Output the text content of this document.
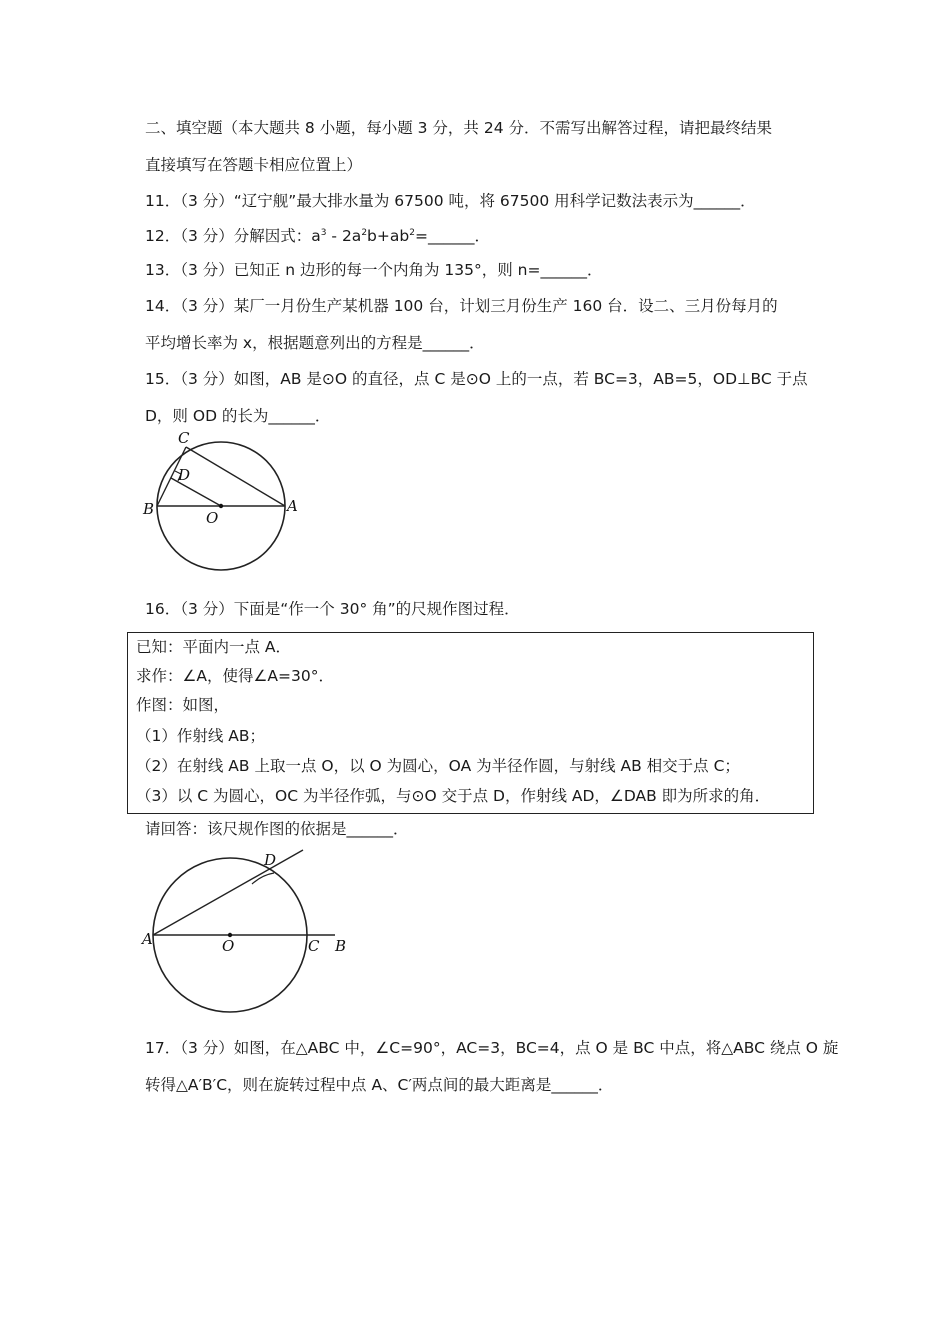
二、填空题（本大题共 8 小题，每小题 3 分，共 24 分．不需写出解答过程，请把最终结果
直接填写在答题卡相应位置上）
11．（3 分）“辽宁舰”最大排水量为 67500 吨，将 67500 用科学记数法表示为______．
12．（3 分）分解因式：$a^3$ - $2a^2b+ab^2=\_\_\_\_\_\_$．
13．（3 分）已知正 n 边形的每一个内角为 135°，则 n=______．
14．（3 分）某厂一月份生产某机器 100 台，计划三月份生产 160 台．设二、三月份每月的
平均增长率为 x，根据题意列出的方程是______．
15．（3 分）如图，AB 是⊙O 的直径，点 C 是⊙O 上的一点，若 BC=3，AB=5，OD⊥BC 于点
D，则 OD 的长为______．
C
D
B	O
A
16．（3 分）下面是“作一个 30° 角”的尺规作图过程．
已知：平面内一点 A．
求作：∠A，使得∠A=30°．
作图：如图，
（1）作射线 AB；
（2）在射线 AB 上取一点 O，以 O 为圆心，OA 为半径作圆，与射线 AB 相交于点 C；
（3）以 C 为圆心，OC 为半径作弧，与⊙O 交于点 D，作射线 AD，∠DAB 即为所求的角．
请回答：该尺规作图的依据是______．
D
A	O	C B
17．（3 分）如图，在△ABC 中，∠C=90°，AC=3，BC=4，点 O 是 BC 中点，将△ABC 绕点 O 旋
转得△A′B′C，则在旋转过程中点 A、C′两点间的最大距离是______．
